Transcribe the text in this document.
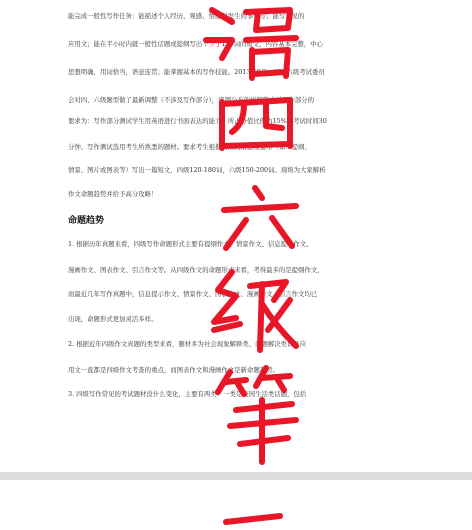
能完成一般性写作任务：能描述个人经历、观感、情感和发生的事件等；能写常见的
应用文；能在半小时内就一般性话题或提纲写出不少于120词的短文，内容基本完整，中心
思想明确，用词恰当，语意连贯；能掌握基本的写作技能。2013年8月，四、六级考试委员
会对四、六级题型做了最新调整（不涉及写作部分），官网公布的说明等中对写作部分的
要求为：写作部分测试学生用英语进行书面表达的能力，所占分值比例为15%，考试时间30
分钟。写作测试选用考生所熟悉的题材。要求考生根据所给的信息及提示（如：提纲、
情景、图片或图表等）写出一篇短文，四级120-180词，六级150-200词。现将为大家解析
作文命题趋势并给予高分攻略！
命题趋势
1. 根据历年真题来看，四级写作命题形式主要有提纲作文、情景作文、信息提示作文、
漫画作文、图表作文、引言作文等。从四级作文的命题形式来看，考得最多的是提纲作文，
而最近几年写作真题中，信息提示作文、情景作文、图表作文、漫画作文、引言作文均已
出现，命题形式更加灵活多样。
2. 根据近年四级作文真题的类型来看，题材多为社会现象解释类、问题解决类以及应
用文一直都是四级作文考查的重点，而图表作文和漫画作文是新命题趋势。
3. 四级写作常见的考试题材没什么变化，主要有两类：一类是校园生活类话题，包括
